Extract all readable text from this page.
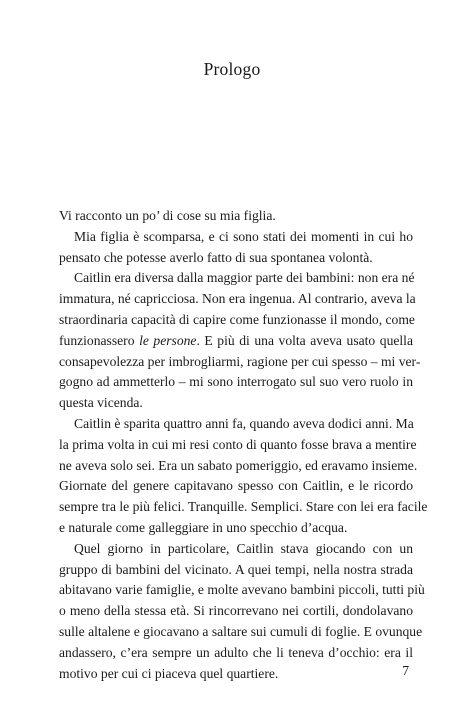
Prologo
Vi racconto un po’ di cose su mia figlia.
Mia figlia è scomparsa, e ci sono stati dei momenti in cui ho
pensato che potesse averlo fatto di sua spontanea volontà.
Caitlin era diversa dalla maggior parte dei bambini: non era né
immatura, né capricciosa. Non era ingenua. Al contrario, aveva la
straordinaria capacità di capire come funzionasse il mondo, come
funzionassero le persone. E più di una volta aveva usato quella
consapevolezza per imbrogliarmi, ragione per cui spesso – mi ver-
gogno ad ammetterlo – mi sono interrogato sul suo vero ruolo in
questa vicenda.
Caitlin è sparita quattro anni fa, quando aveva dodici anni. Ma
la prima volta in cui mi resi conto di quanto fosse brava a mentire
ne aveva solo sei. Era un sabato pomeriggio, ed eravamo insieme.
Giornate del genere capitavano spesso con Caitlin, e le ricordo
sempre tra le più felici. Tranquille. Semplici. Stare con lei era facile
e naturale come galleggiare in uno specchio d’acqua.
Quel giorno in particolare, Caitlin stava giocando con un
gruppo di bambini del vicinato. A quei tempi, nella nostra strada
abitavano varie famiglie, e molte avevano bambini piccoli, tutti più
o meno della stessa età. Si rincorrevano nei cortili, dondolavano
sulle altalene e giocavano a saltare sui cumuli di foglie. E ovunque
andassero, c’era sempre un adulto che li teneva d’occhio: era il
motivo per cui ci piaceva quel quartiere.	7
